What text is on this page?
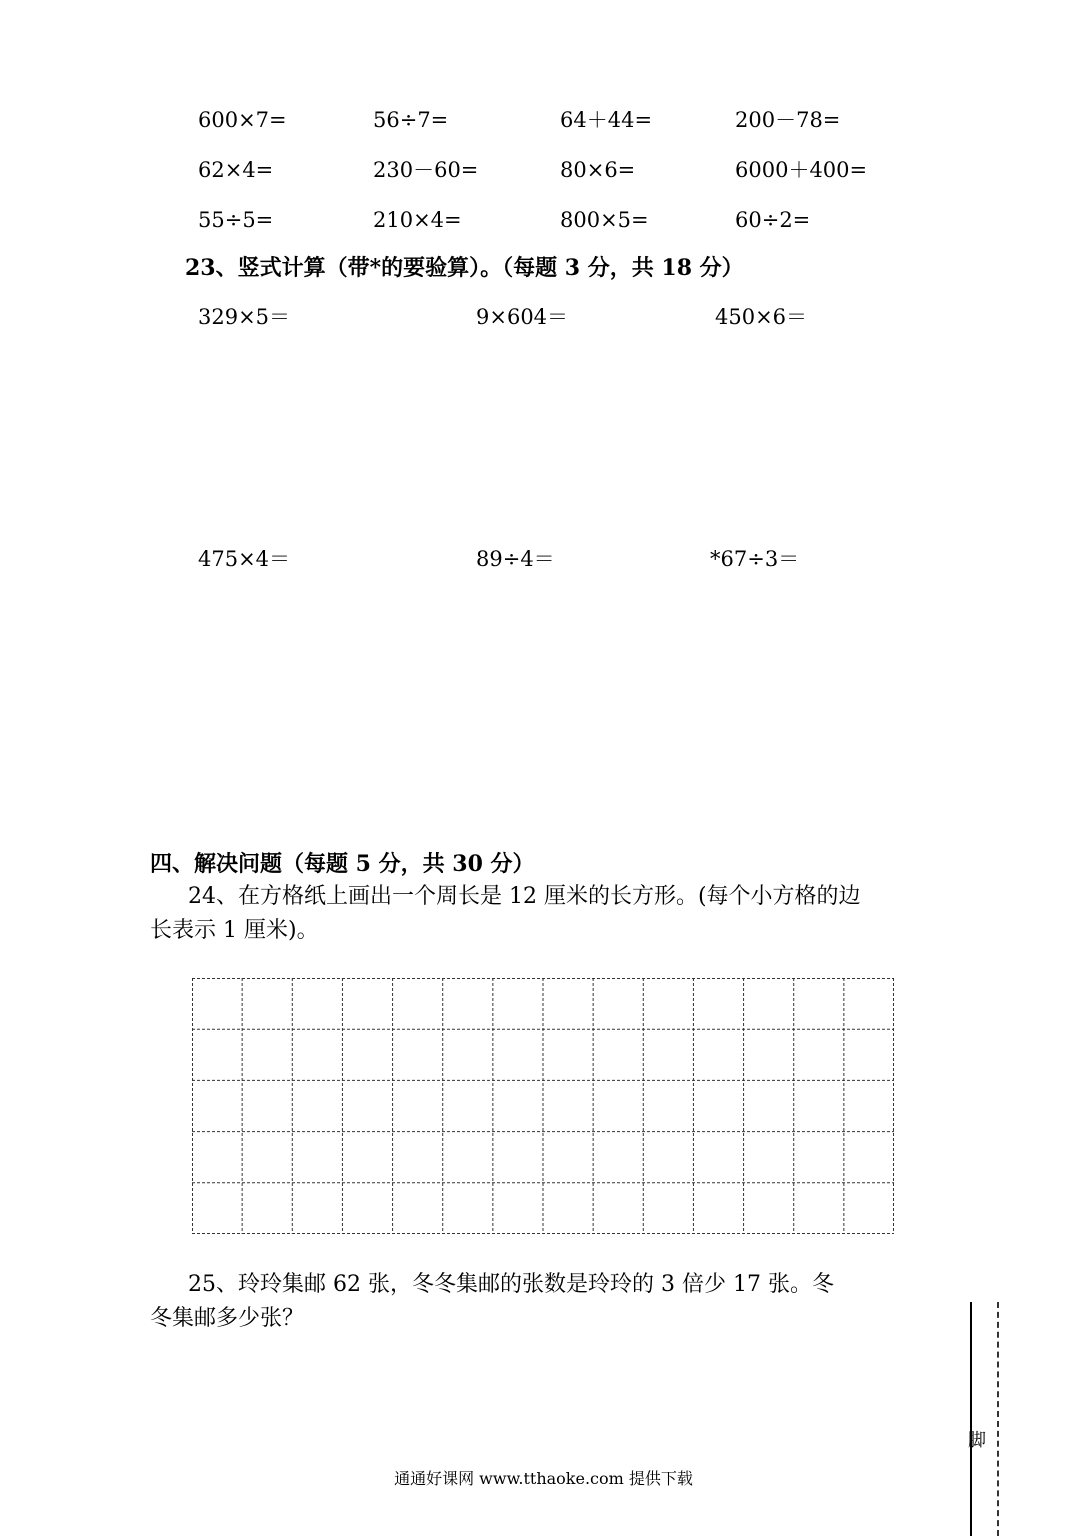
600×7=	56÷7=	64＋44=	200－78=
62×4=	230－60=	80×6=	6000＋400=
55÷5=	210×4=	800×5=	60÷2=
23、竖式计算（带*的要验算）。（每题 3 分，共 18 分）
329×5＝	9×604＝	450×6＝
475×4＝	89÷4＝	*67÷3＝
四、解决问题（每题 5 分，共 30 分）
24、在方格纸上画出一个周长是 12 厘米的长方形。(每个小方格的边
长表示 1 厘米)。
25、玲玲集邮 62 张，冬冬集邮的张数是玲玲的 3 倍少 17 张。冬
冬集邮多少张？
脚
通通好课网 www.tthaoke.com 提供下载
